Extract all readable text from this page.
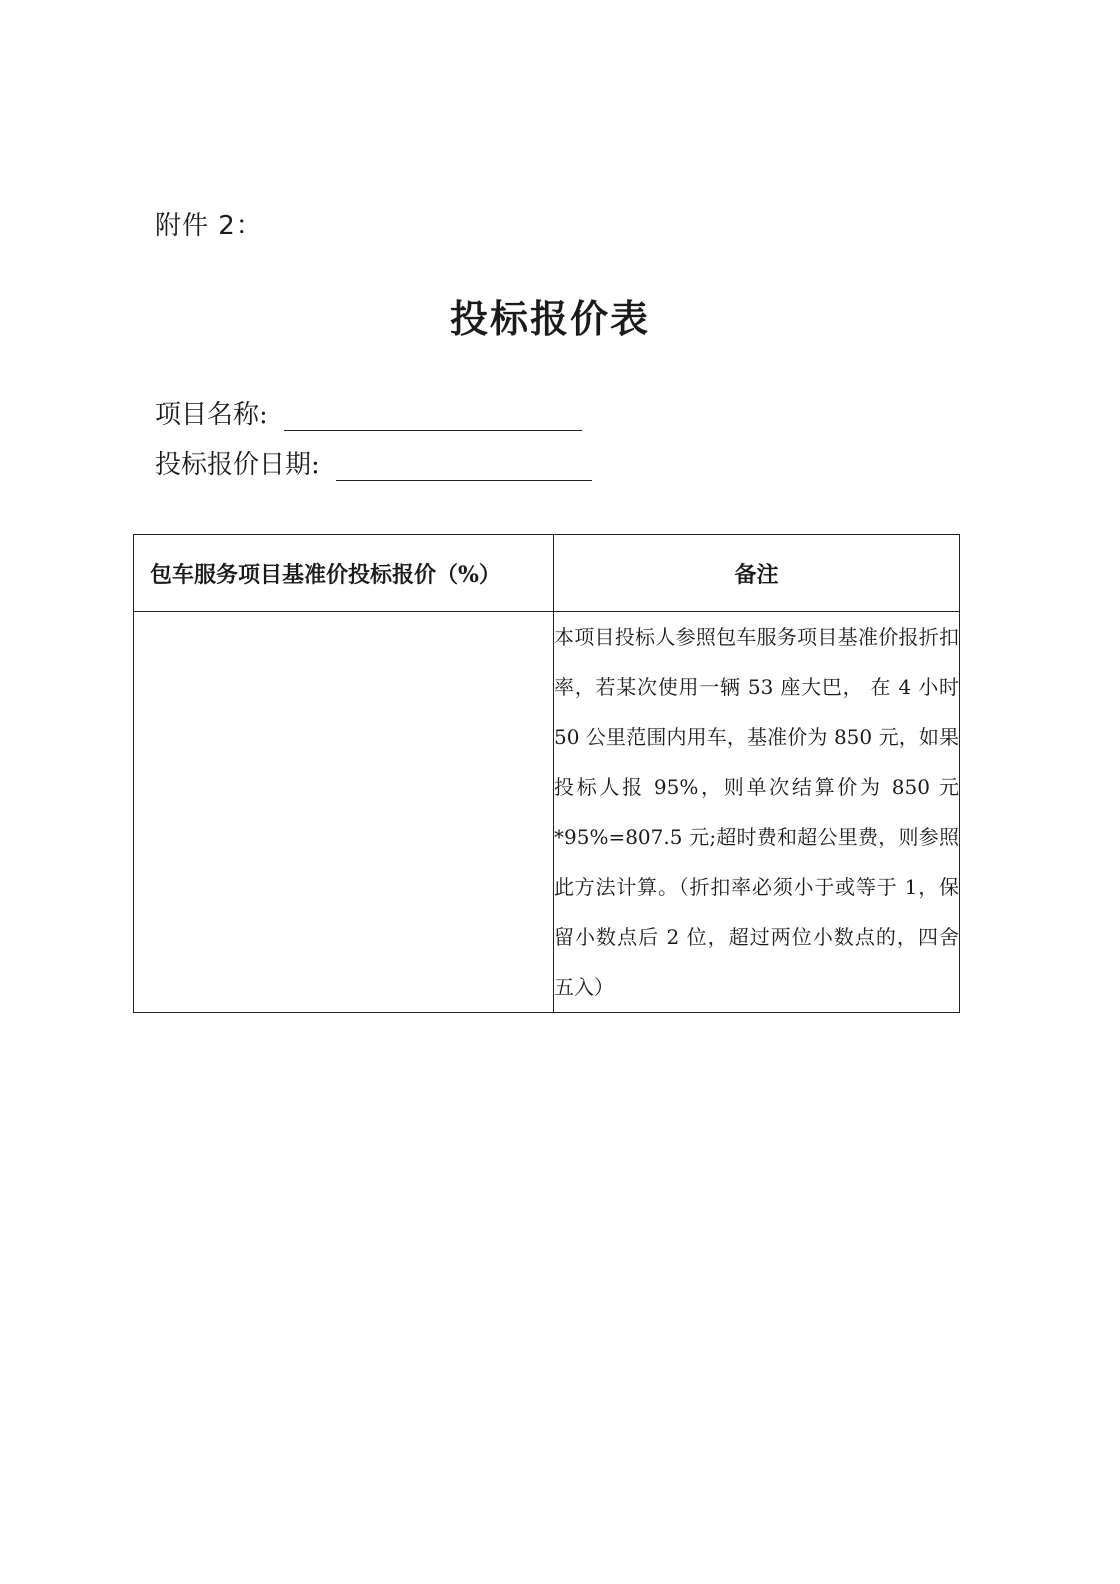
附件 2：
投标报价表
项目名称:
投标报价日期:
包车服务项目基准价投标报价（%）	备注
	本项目投标人参照包车服务项目基准价报折扣率，若某次使用一辆 53 座大巴， 在 4 小时 50 公里范围内用车，基准价为 850 元，如果投标人报 95%，则单次结算价为 850 元*95%=807.5 元;超时费和超公里费，则参照此方法计算。（折扣率必须小于或等于 1，保留小数点后 2 位，超过两位小数点的，四舍五入）
